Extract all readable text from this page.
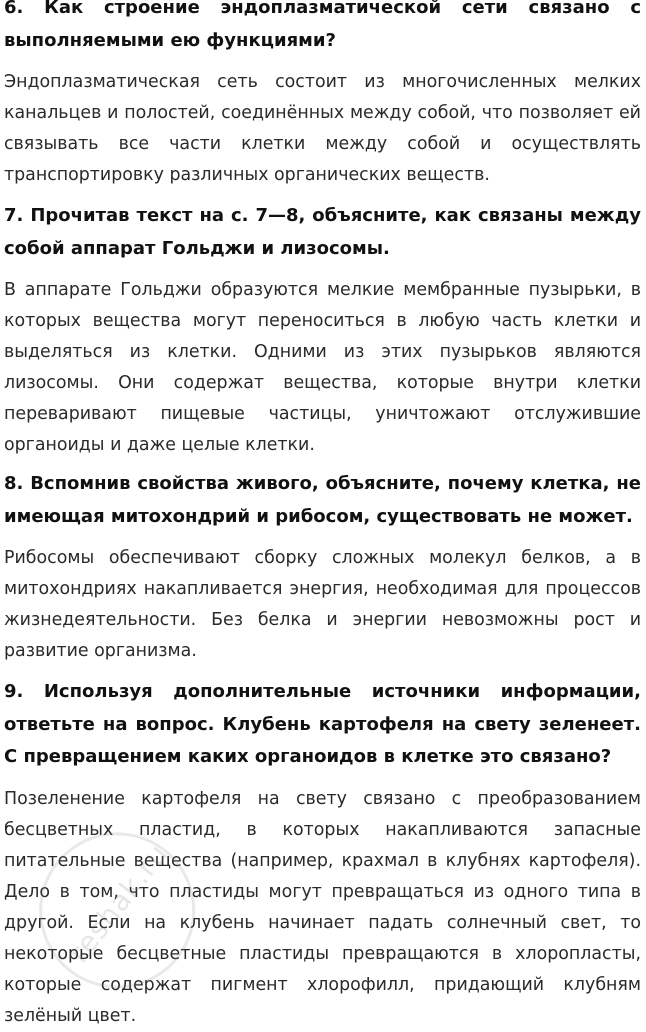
6. Как строение эндоплазматической сети связано с выполняемыми ею функциями?

Эндоплазматическая сеть состоит из многочисленных мелких канальцев и полостей, соединённых между собой, что позволяет ей связывать все части клетки между собой и осуществлять транспортировку различных органических веществ.

7. Прочитав текст на с. 7—8, объясните, как связаны между собой аппарат Гольджи и лизосомы.

В аппарате Гольджи образуются мелкие мембранные пузырьки, в которых вещества могут переноситься в любую часть клетки и выделяться из клетки. Одними из этих пузырьков являются лизосомы. Они содержат вещества, которые внутри клетки переваривают пищевые частицы, уничтожают отслужившие органоиды и даже целые клетки.

8. Вспомнив свойства живого, объясните, почему клетка, не имеющая митохондрий и рибосом, существовать не может.

Рибосомы обеспечивают сборку сложных молекул белков, а в митохондриях накапливается энергия, необходимая для процессов жизнедеятельности. Без белка и энергии невозможны рост и развитие организма.

9. Используя дополнительные источники информации, ответьте на вопрос. Клубень картофеля на свету зеленеет. С превращением каких органоидов в клетке это связано?

Позеленение картофеля на свету связано с преобразованием бесцветных пластид, в которых накапливаются запасные питательные вещества (например, крахмал в клубнях картофеля). Дело в том, что пластиды могут превращаться из одного типа в другой. Если на клубень начинает падать солнечный свет, то некоторые бесцветные пластиды превращаются в хлоропласты, которые содержат пигмент хлорофилл, придающий клубням зелёный цвет.

reshak.ru
